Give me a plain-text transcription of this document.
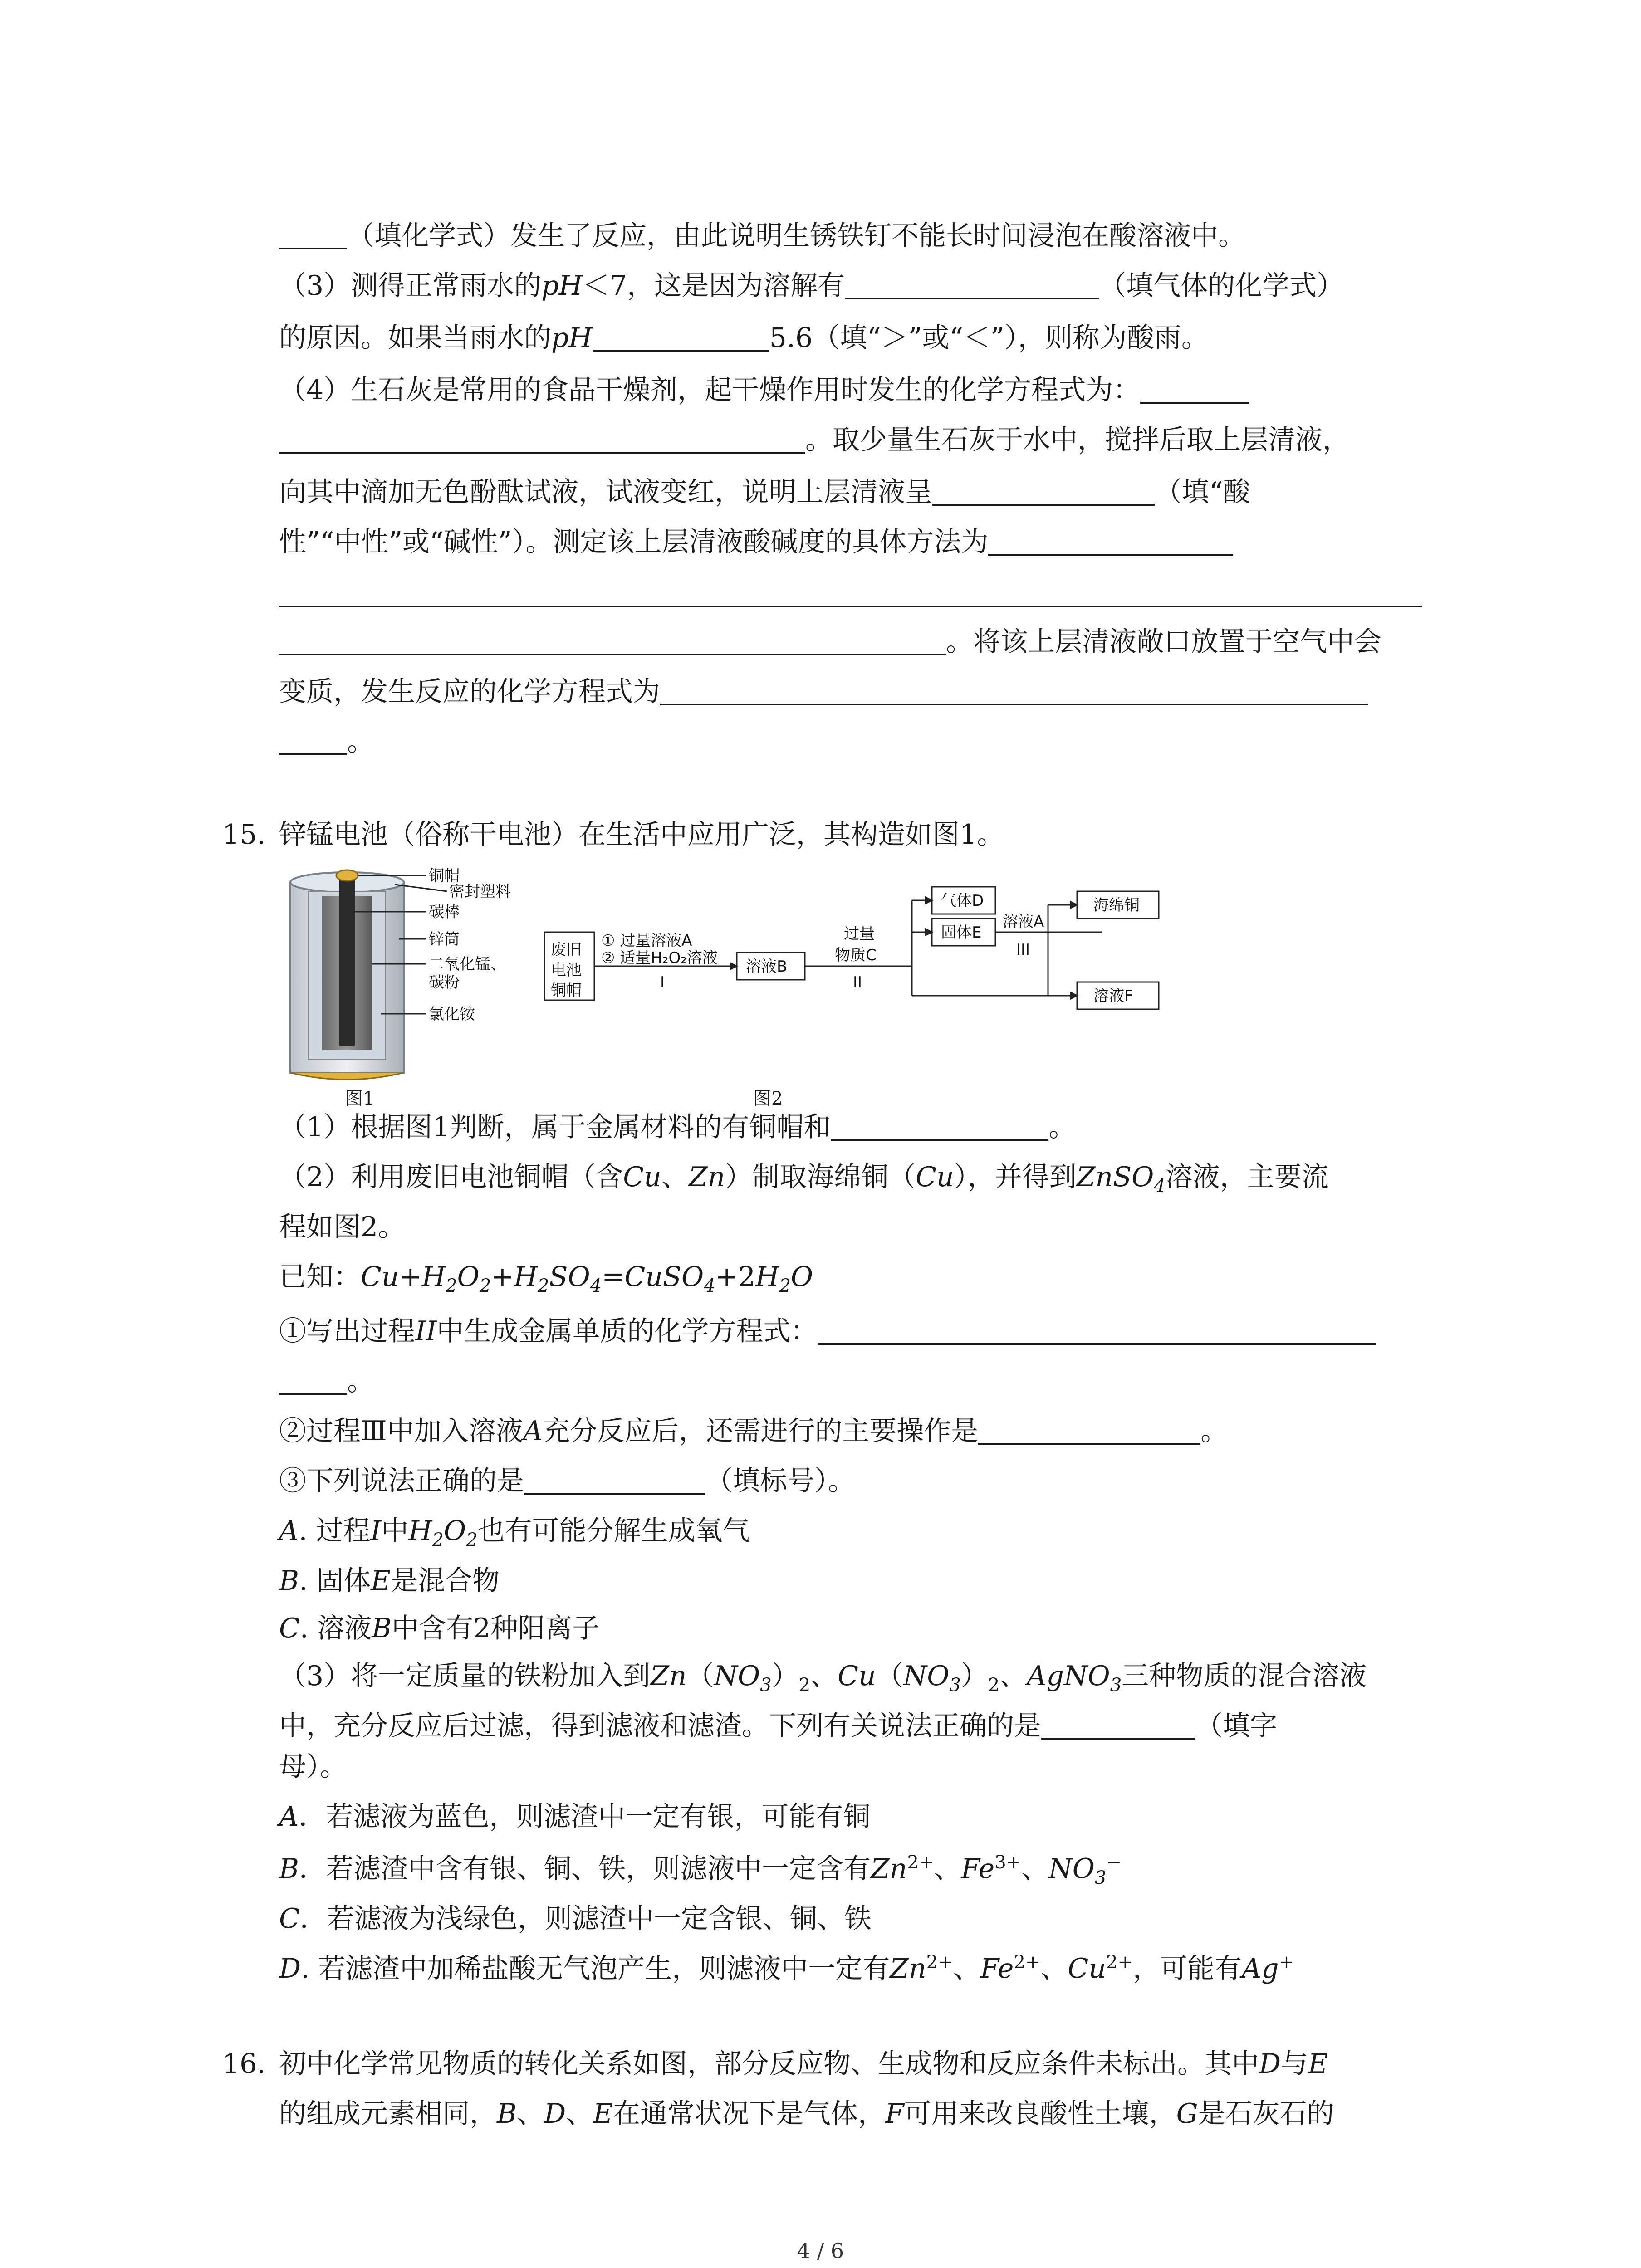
（填化学式）发生了反应，由此说明生锈铁钉不能长时间浸泡在酸溶液中。
（3）测得正常雨水的pH＜7，这是因为溶解有	（填气体的化学式）
的原因。如果当雨水的pH	5.6（填“＞”或“＜”），则称为酸雨。
（4）生石灰是常用的食品干燥剂，起干燥作用时发生的化学方程式为：
。取少量生石灰于水中，搅拌后取上层清液，
向其中滴加无色酚酞试液，试液变红，说明上层清液呈	（填“酸
性”“中性”或“碱性”）。测定该上层清液酸碱度的具体方法为
。将该上层清液敞口放置于空气中会
变质，发生反应的化学方程式为
。
15. 锌锰电池（俗称干电池）在生活中应用广泛，其构造如图1。
铜帽
密封塑料
碳棒
锌筒
二氧化锰、
碳粉
氯化铵
废旧
电池
铜帽
① 过量溶液A
② 适量H₂O₂溶液
I
溶液B
过量
物质C
II
气体D
固体E
溶液A
III
海绵铜
溶液F
图1	图2
（1）根据图1判断，属于金属材料的有铜帽和	。
（2）利用废旧电池铜帽（含Cu、Zn）制取海绵铜（Cu），并得到ZnSO$_4$溶液，主要流
程如图2。
已知：$Cu+H_2O_2+H_2SO_4=CuSO_4+2H_2O$
①写出过程II中生成金属单质的化学方程式：
。
②过程Ⅲ中加入溶液A充分反应后，还需进行的主要操作是	。
③下列说法正确的是	（填标号）。
A. 过程I中$H_2O_2$也有可能分解生成氧气
B. 固体E是混合物
C. 溶液B中含有2种阳离子
（3）将一定质量的铁粉加入到$Zn(NO_3)_2$、$Cu(NO_3)_2$、AgNO$_3$三种物质的混合溶液
中，充分反应后过滤，得到滤液和滤渣。下列有关说法正确的是	（填字
母）。
A．若滤液为蓝色，则滤渣中一定有银，可能有铜
B．若滤渣中含有银、铜、铁，则滤液中一定含有$Zn^{2+}$、$Fe^{3+}$、$NO_3^-$
C．若滤液为浅绿色，则滤渣中一定含银、铜、铁
D. 若滤渣中加稀盐酸无气泡产生，则滤液中一定有$Zn^{2+}$、$Fe^{2+}$、$Cu^{2+}$，可能有Ag+
16. 初中化学常见物质的转化关系如图，部分反应物、生成物和反应条件未标出。其中D与E
的组成元素相同，B、D、E在通常状况下是气体，F可用来改良酸性土壤，G是石灰石的
4 / 6
